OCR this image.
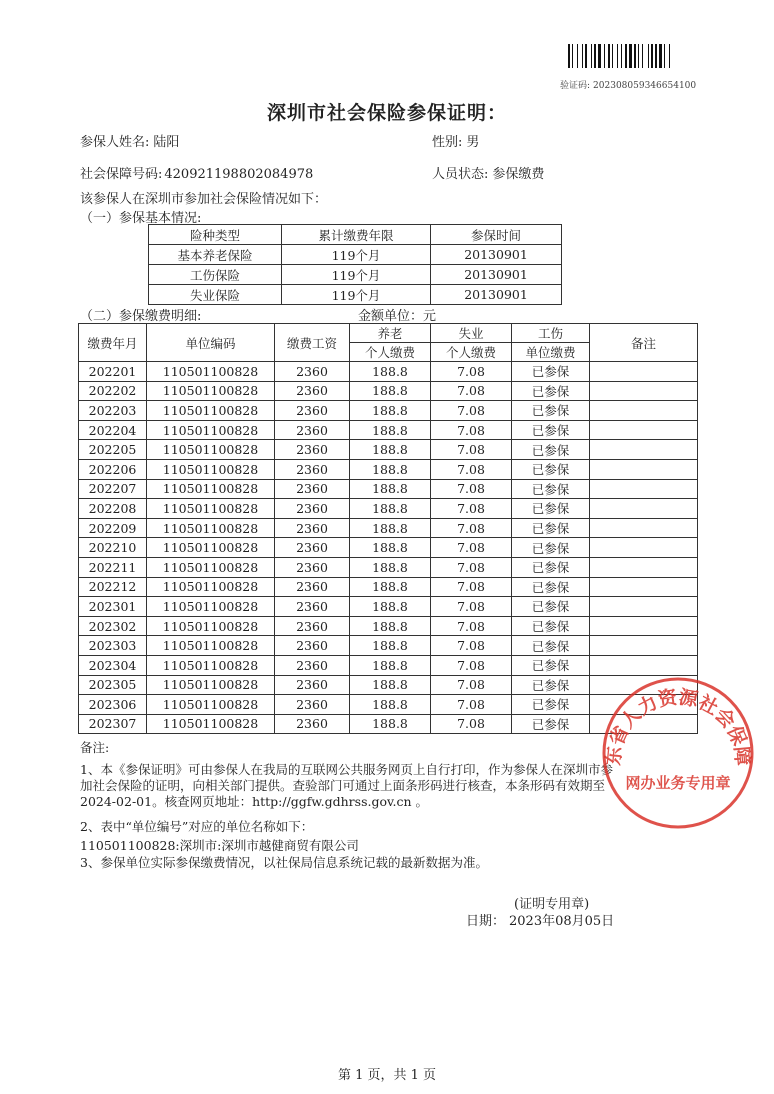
验证码: 202308059346654100
深圳市社会保险参保证明：
参保人姓名: 陆阳	性别: 男
社会保障号码: 420921198802084978	人员状态: 参保缴费
该参保人在深圳市参加社会保险情况如下：
（一）参保基本情况:
险种类型	累计缴费年限	参保时间
基本养老保险	119个月	20130901
工伤保险	119个月	20130901
失业保险	119个月	20130901
（二）参保缴费明细:	金额单位：元
缴费年月	单位编码	缴费工资	养老	失业	工伤	备注
			个人缴费	个人缴费	单位缴费	
202201	110501100828	2360	188.8	7.08	已参保	
202202	110501100828	2360	188.8	7.08	已参保	
202203	110501100828	2360	188.8	7.08	已参保	
202204	110501100828	2360	188.8	7.08	已参保	
202205	110501100828	2360	188.8	7.08	已参保	
202206	110501100828	2360	188.8	7.08	已参保	
202207	110501100828	2360	188.8	7.08	已参保	
202208	110501100828	2360	188.8	7.08	已参保	
202209	110501100828	2360	188.8	7.08	已参保	
202210	110501100828	2360	188.8	7.08	已参保	
202211	110501100828	2360	188.8	7.08	已参保	
202212	110501100828	2360	188.8	7.08	已参保	
202301	110501100828	2360	188.8	7.08	已参保	
202302	110501100828	2360	188.8	7.08	已参保	
202303	110501100828	2360	188.8	7.08	已参保	
202304	110501100828	2360	188.8	7.08	已参保	
202305	110501100828	2360	188.8	7.08	已参保	
202306	110501100828	2360	188.8	7.08	已参保	
202307	110501100828	2360	188.8	7.08	已参保	
备注:
1、本《参保证明》可由参保人在我局的互联网公共服务网页上自行打印，作为参保人在深圳市参
加社会保险的证明，向相关部门提供。查验部门可通过上面条形码进行核查，本条形码有效期至
2024-02-01。核查网页地址：http://ggfw.gdhrss.gov.cn 。
2、表中“单位编号”对应的单位名称如下：
110501100828:深圳市:深圳市越健商贸有限公司
3、参保单位实际参保缴费情况，以社保局信息系统记载的最新数据为准。
(证明专用章)
日期： 2023年08月05日
第 1 页，共 1 页
东省人力资源社会保障
网办业务专用章
